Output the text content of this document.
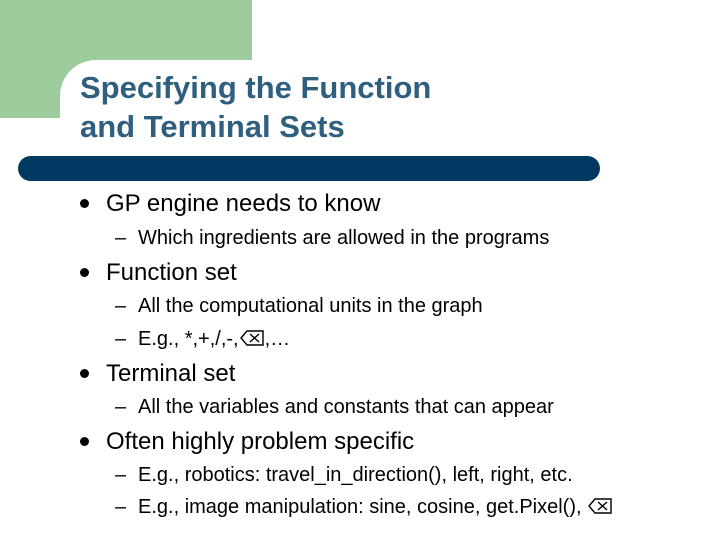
Specifying the Function
and Terminal Sets
GP engine needs to know
– Which ingredients are allowed in the programs
Function set
– All the computational units in the graph
– E.g., *,+,/,-, ,…
Terminal set
– All the variables and constants that can appear
Often highly problem specific
– E.g., robotics: travel_in_direction(), left, right, etc.
– E.g., image manipulation: sine, cosine, get.Pixel(),
